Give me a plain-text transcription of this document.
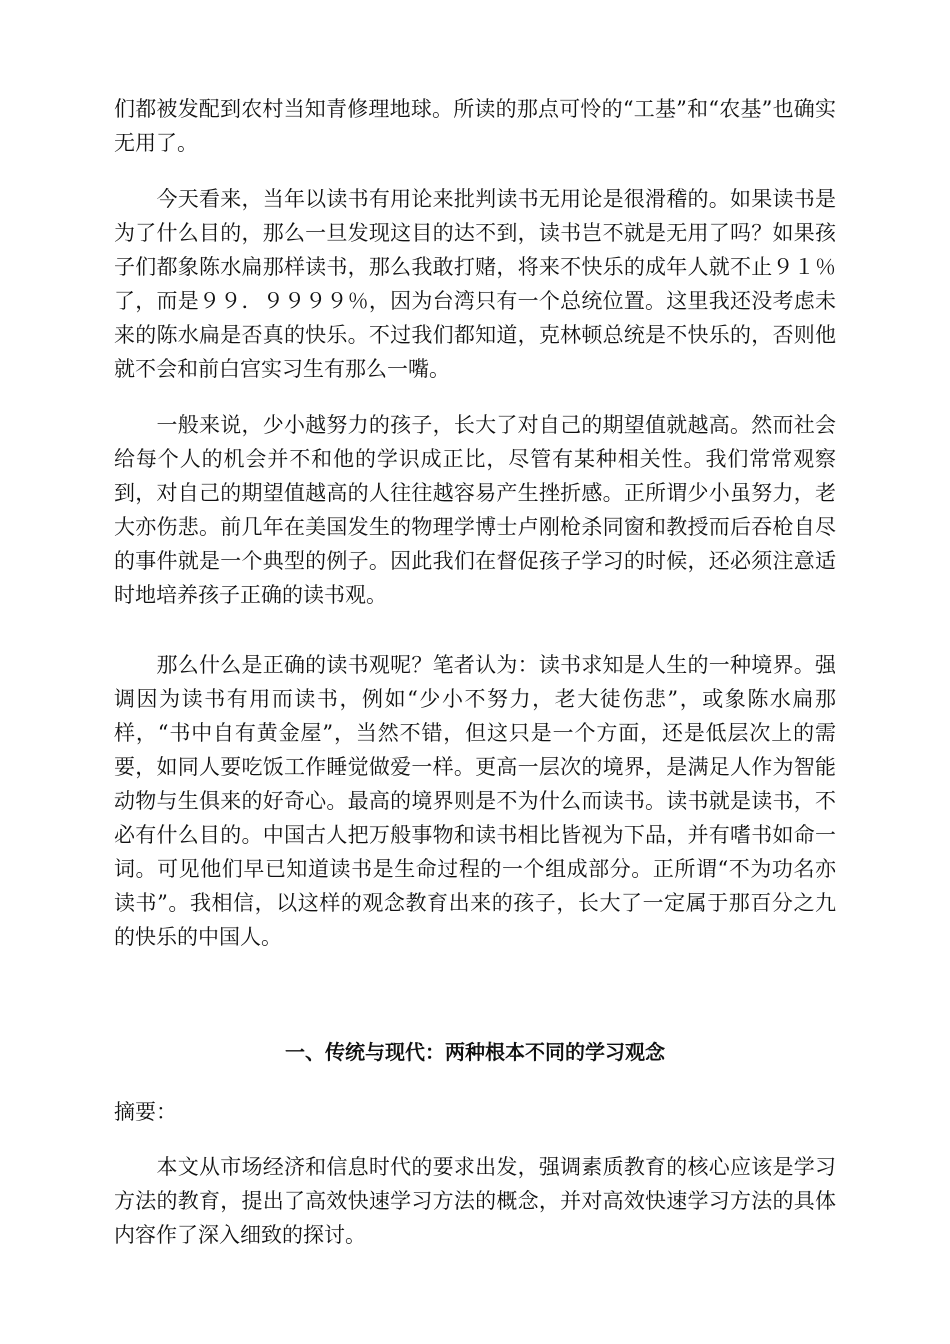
们都被发配到农村当知青修理地球。所读的那点可怜的“工基”和“农基”也确实无用了。

　　今天看来，当年以读书有用论来批判读书无用论是很滑稽的。如果读书是为了什么目的，那么一旦发现这目的达不到，读书岂不就是无用了吗？如果孩子们都象陈水扁那样读书，那么我敢打赌，将来不快乐的成年人就不止９１％了，而是９９．９９９９％，因为台湾只有一个总统位置。这里我还没考虑未来的陈水扁是否真的快乐。不过我们都知道，克林顿总统是不快乐的，否则他就不会和前白宫实习生有那么一嘴。

　　一般来说，少小越努力的孩子，长大了对自己的期望值就越高。然而社会给每个人的机会并不和他的学识成正比，尽管有某种相关性。我们常常观察到，对自己的期望值越高的人往往越容易产生挫折感。正所谓少小虽努力，老大亦伤悲。前几年在美国发生的物理学博士卢刚枪杀同窗和教授而后吞枪自尽的事件就是一个典型的例子。因此我们在督促孩子学习的时候，还必须注意适时地培养孩子正确的读书观。

　　那么什么是正确的读书观呢？笔者认为：读书求知是人生的一种境界。强调因为读书有用而读书，例如“少小不努力，老大徒伤悲”，或象陈水扁那样，“书中自有黄金屋”，当然不错，但这只是一个方面，还是低层次上的需要，如同人要吃饭工作睡觉做爱一样。更高一层次的境界，是满足人作为智能动物与生俱来的好奇心。最高的境界则是不为什么而读书。读书就是读书，不必有什么目的。中国古人把万般事物和读书相比皆视为下品，并有嗜书如命一词。可见他们早已知道读书是生命过程的一个组成部分。正所谓“不为功名亦读书”。我相信，以这样的观念教育出来的孩子，长大了一定属于那百分之九的快乐的中国人。

一、传统与现代：两种根本不同的学习观念

摘要：

　　本文从市场经济和信息时代的要求出发，强调素质教育的核心应该是学习方法的教育，提出了高效快速学习方法的概念，并对高效快速学习方法的具体内容作了深入细致的探讨。
